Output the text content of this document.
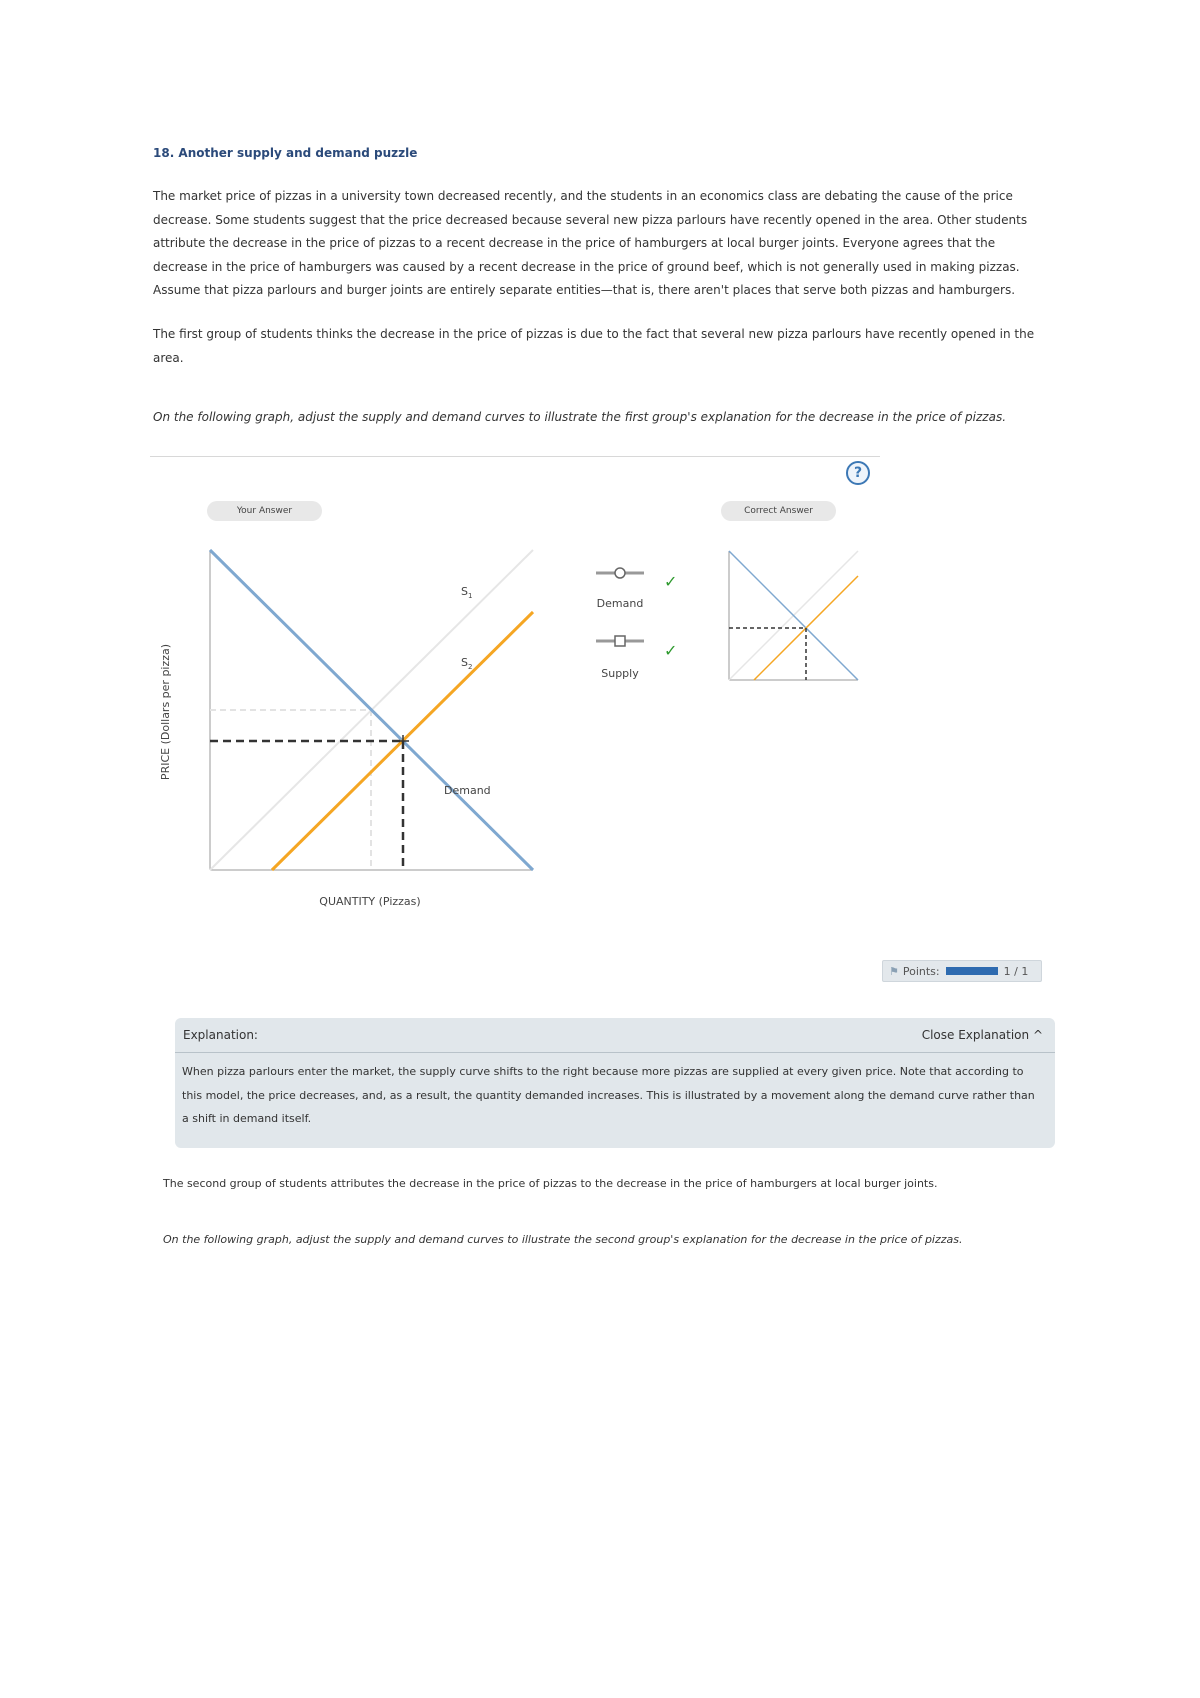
18. Another supply and demand puzzle
The market price of pizzas in a university town decreased recently, and the students in an economics class are debating the cause of the price decrease. Some students suggest that the price decreased because several new pizza parlours have recently opened in the area. Other students attribute the decrease in the price of pizzas to a recent decrease in the price of hamburgers at local burger joints. Everyone agrees that the decrease in the price of hamburgers was caused by a recent decrease in the price of ground beef, which is not generally used in making pizzas. Assume that pizza parlours and burger joints are entirely separate entities—that is, there aren't places that serve both pizzas and hamburgers.
The first group of students thinks the decrease in the price of pizzas is due to the fact that several new pizza parlours have recently opened in the area.
On the following graph, adjust the supply and demand curves to illustrate the first group's explanation for the decrease in the price of pizzas.
?
Your Answer	Correct Answer
PRICE (Dollars per pizza)
$S_1$
$S_2$
Demand
QUANTITY (Pizzas)
Demand
✓
Supply
✓
⚑ Points:	1 / 1
Explanation:	Close Explanation ^
When pizza parlours enter the market, the supply curve shifts to the right because more pizzas are supplied at every given price. Note that according to this model, the price decreases, and, as a result, the quantity demanded increases. This is illustrated by a movement along the demand curve rather than a shift in demand itself.
The second group of students attributes the decrease in the price of pizzas to the decrease in the price of hamburgers at local burger joints.
On the following graph, adjust the supply and demand curves to illustrate the second group's explanation for the decrease in the price of pizzas.
